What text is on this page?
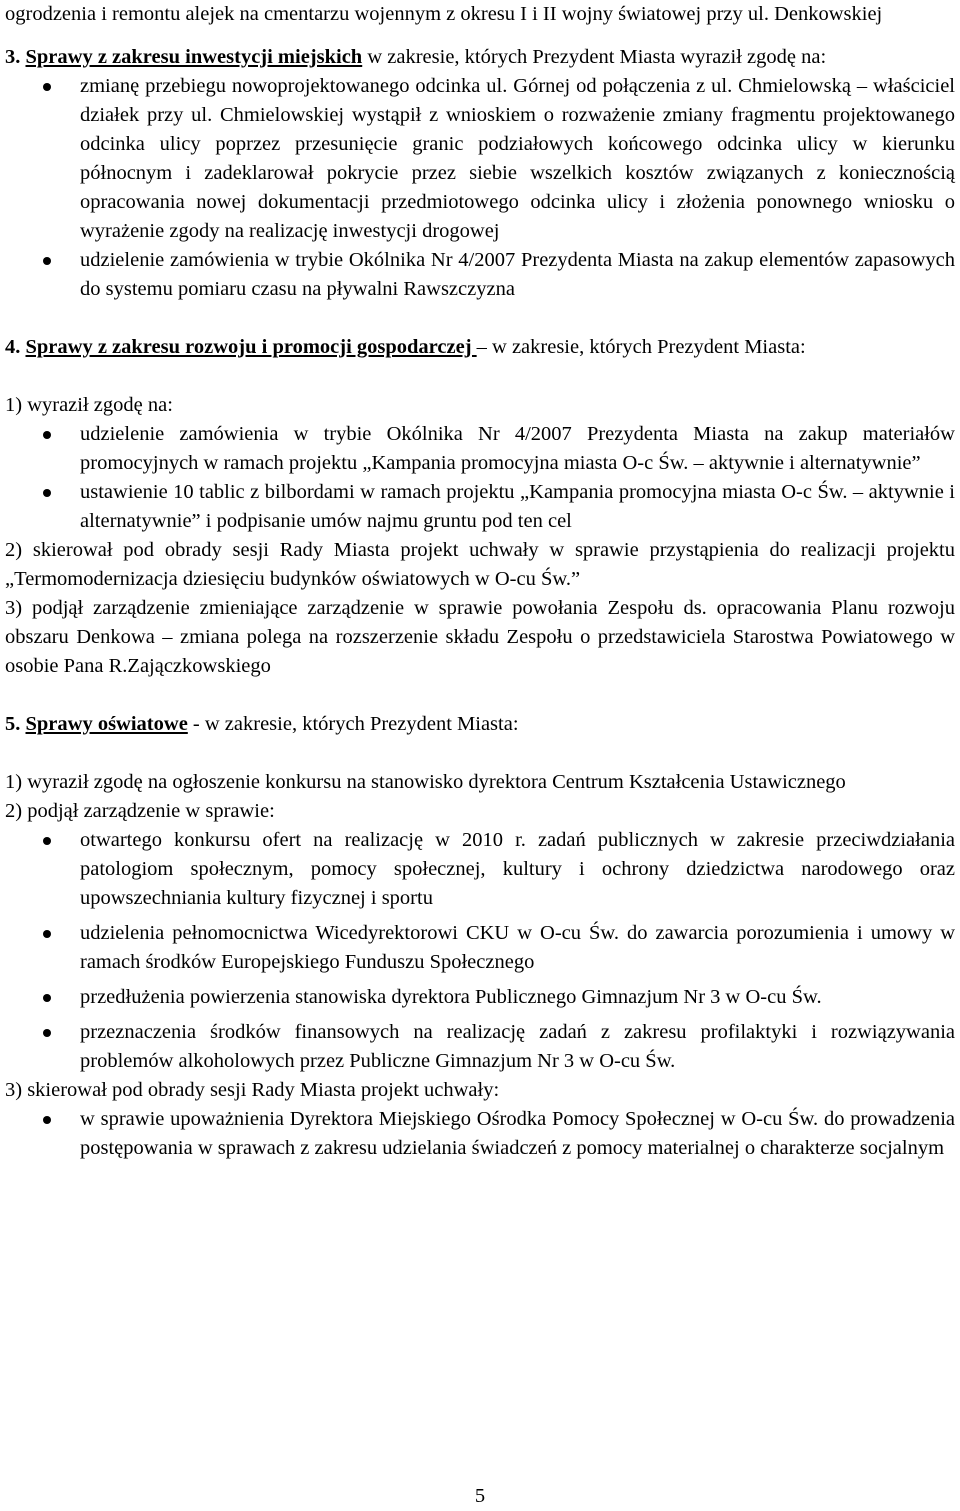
ogrodzenia i remontu alejek na cmentarzu wojennym z okresu I i II wojny światowej przy ul. Denkowskiej

3. Sprawy z zakresu inwestycji miejskich w zakresie, których Prezydent Miasta wyraził zgodę na:

zmianę przebiegu nowoprojektowanego odcinka ul. Górnej od połączenia z ul. Chmielowską – właściciel działek przy ul. Chmielowskiej wystąpił z wnioskiem o rozważenie zmiany fragmentu projektowanego odcinka ulicy poprzez przesunięcie granic podziałowych końcowego odcinka ulicy w kierunku północnym i zadeklarował pokrycie przez siebie wszelkich kosztów związanych z koniecznością opracowania nowej dokumentacji przedmiotowego odcinka ulicy i złożenia ponownego wniosku o wyrażenie zgody na realizację inwestycji drogowej
udzielenie zamówienia w trybie Okólnika Nr 4/2007 Prezydenta Miasta na zakup elementów zapasowych do systemu pomiaru czasu na pływalni Rawszczyzna

4. Sprawy z zakresu rozwoju i promocji gospodarczej – w zakresie, których Prezydent Miasta:

1) wyraził zgodę na:

udzielenie zamówienia w trybie Okólnika Nr 4/2007 Prezydenta Miasta na zakup materiałów promocyjnych w ramach projektu „Kampania promocyjna miasta O-c Św. – aktywnie i alternatywnie”
ustawienie 10 tablic z bilbordami w ramach projektu „Kampania promocyjna miasta O-c Św. – aktywnie i alternatywnie” i podpisanie umów najmu gruntu pod ten cel

2) skierował pod obrady sesji Rady Miasta projekt uchwały w sprawie przystąpienia do realizacji projektu „Termomodernizacja dziesięciu budynków oświatowych w O-cu Św.”

3) podjął zarządzenie zmieniające zarządzenie w sprawie powołania Zespołu ds. opracowania Planu rozwoju obszaru Denkowa – zmiana polega na rozszerzenie składu Zespołu o przedstawiciela Starostwa Powiatowego w osobie Pana R.Zajączkowskiego

5. Sprawy oświatowe - w zakresie, których Prezydent Miasta:

1) wyraził zgodę na ogłoszenie konkursu na stanowisko dyrektora Centrum Kształcenia Ustawicznego

2) podjął zarządzenie w sprawie:

otwartego konkursu ofert na realizację w 2010 r. zadań publicznych w zakresie przeciwdziałania patologiom społecznym, pomocy społecznej, kultury i ochrony dziedzictwa narodowego oraz upowszechniania kultury fizycznej i sportu
udzielenia pełnomocnictwa Wicedyrektorowi CKU w O-cu Św. do zawarcia porozumienia i umowy w ramach środków Europejskiego Funduszu Społecznego
przedłużenia powierzenia stanowiska dyrektora Publicznego Gimnazjum Nr 3 w O-cu Św.
przeznaczenia środków finansowych na realizację zadań z zakresu profilaktyki i rozwiązywania problemów alkoholowych przez Publiczne Gimnazjum Nr 3 w O-cu Św.

3) skierował pod obrady sesji Rady Miasta projekt uchwały:

w sprawie upoważnienia Dyrektora Miejskiego Ośrodka Pomocy Społecznej w O-cu Św. do prowadzenia postępowania w sprawach z zakresu udzielania świadczeń z pomocy materialnej o charakterze socjalnym
5
